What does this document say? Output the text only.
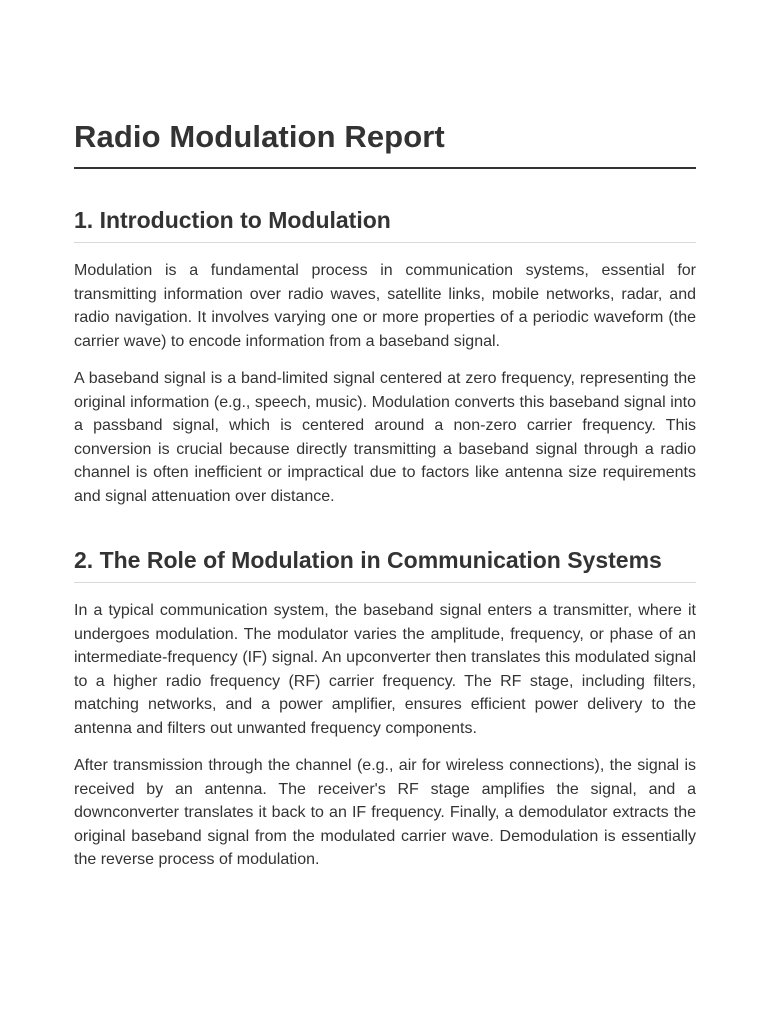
Radio Modulation Report
1. Introduction to Modulation

Modulation is a fundamental process in communication systems, essential for transmitting information over radio waves, satellite links, mobile networks, radar, and radio navigation. It involves varying one or more properties of a periodic waveform (the carrier wave) to encode information from a baseband signal.

A baseband signal is a band-limited signal centered at zero frequency, representing the original information (e.g., speech, music). Modulation converts this baseband signal into a passband signal, which is centered around a non-zero carrier frequency. This conversion is crucial because directly transmitting a baseband signal through a radio channel is often inefficient or impractical due to factors like antenna size requirements and signal attenuation over distance.

2. The Role of Modulation in Communication Systems

In a typical communication system, the baseband signal enters a transmitter, where it undergoes modulation. The modulator varies the amplitude, frequency, or phase of an intermediate-frequency (IF) signal. An upconverter then translates this modulated signal to a higher radio frequency (RF) carrier frequency. The RF stage, including filters, matching networks, and a power amplifier, ensures efficient power delivery to the antenna and filters out unwanted frequency components.

After transmission through the channel (e.g., air for wireless connections), the signal is received by an antenna. The receiver's RF stage amplifies the signal, and a downconverter translates it back to an IF frequency. Finally, a demodulator extracts the original baseband signal from the modulated carrier wave. Demodulation is essentially the reverse process of modulation.
